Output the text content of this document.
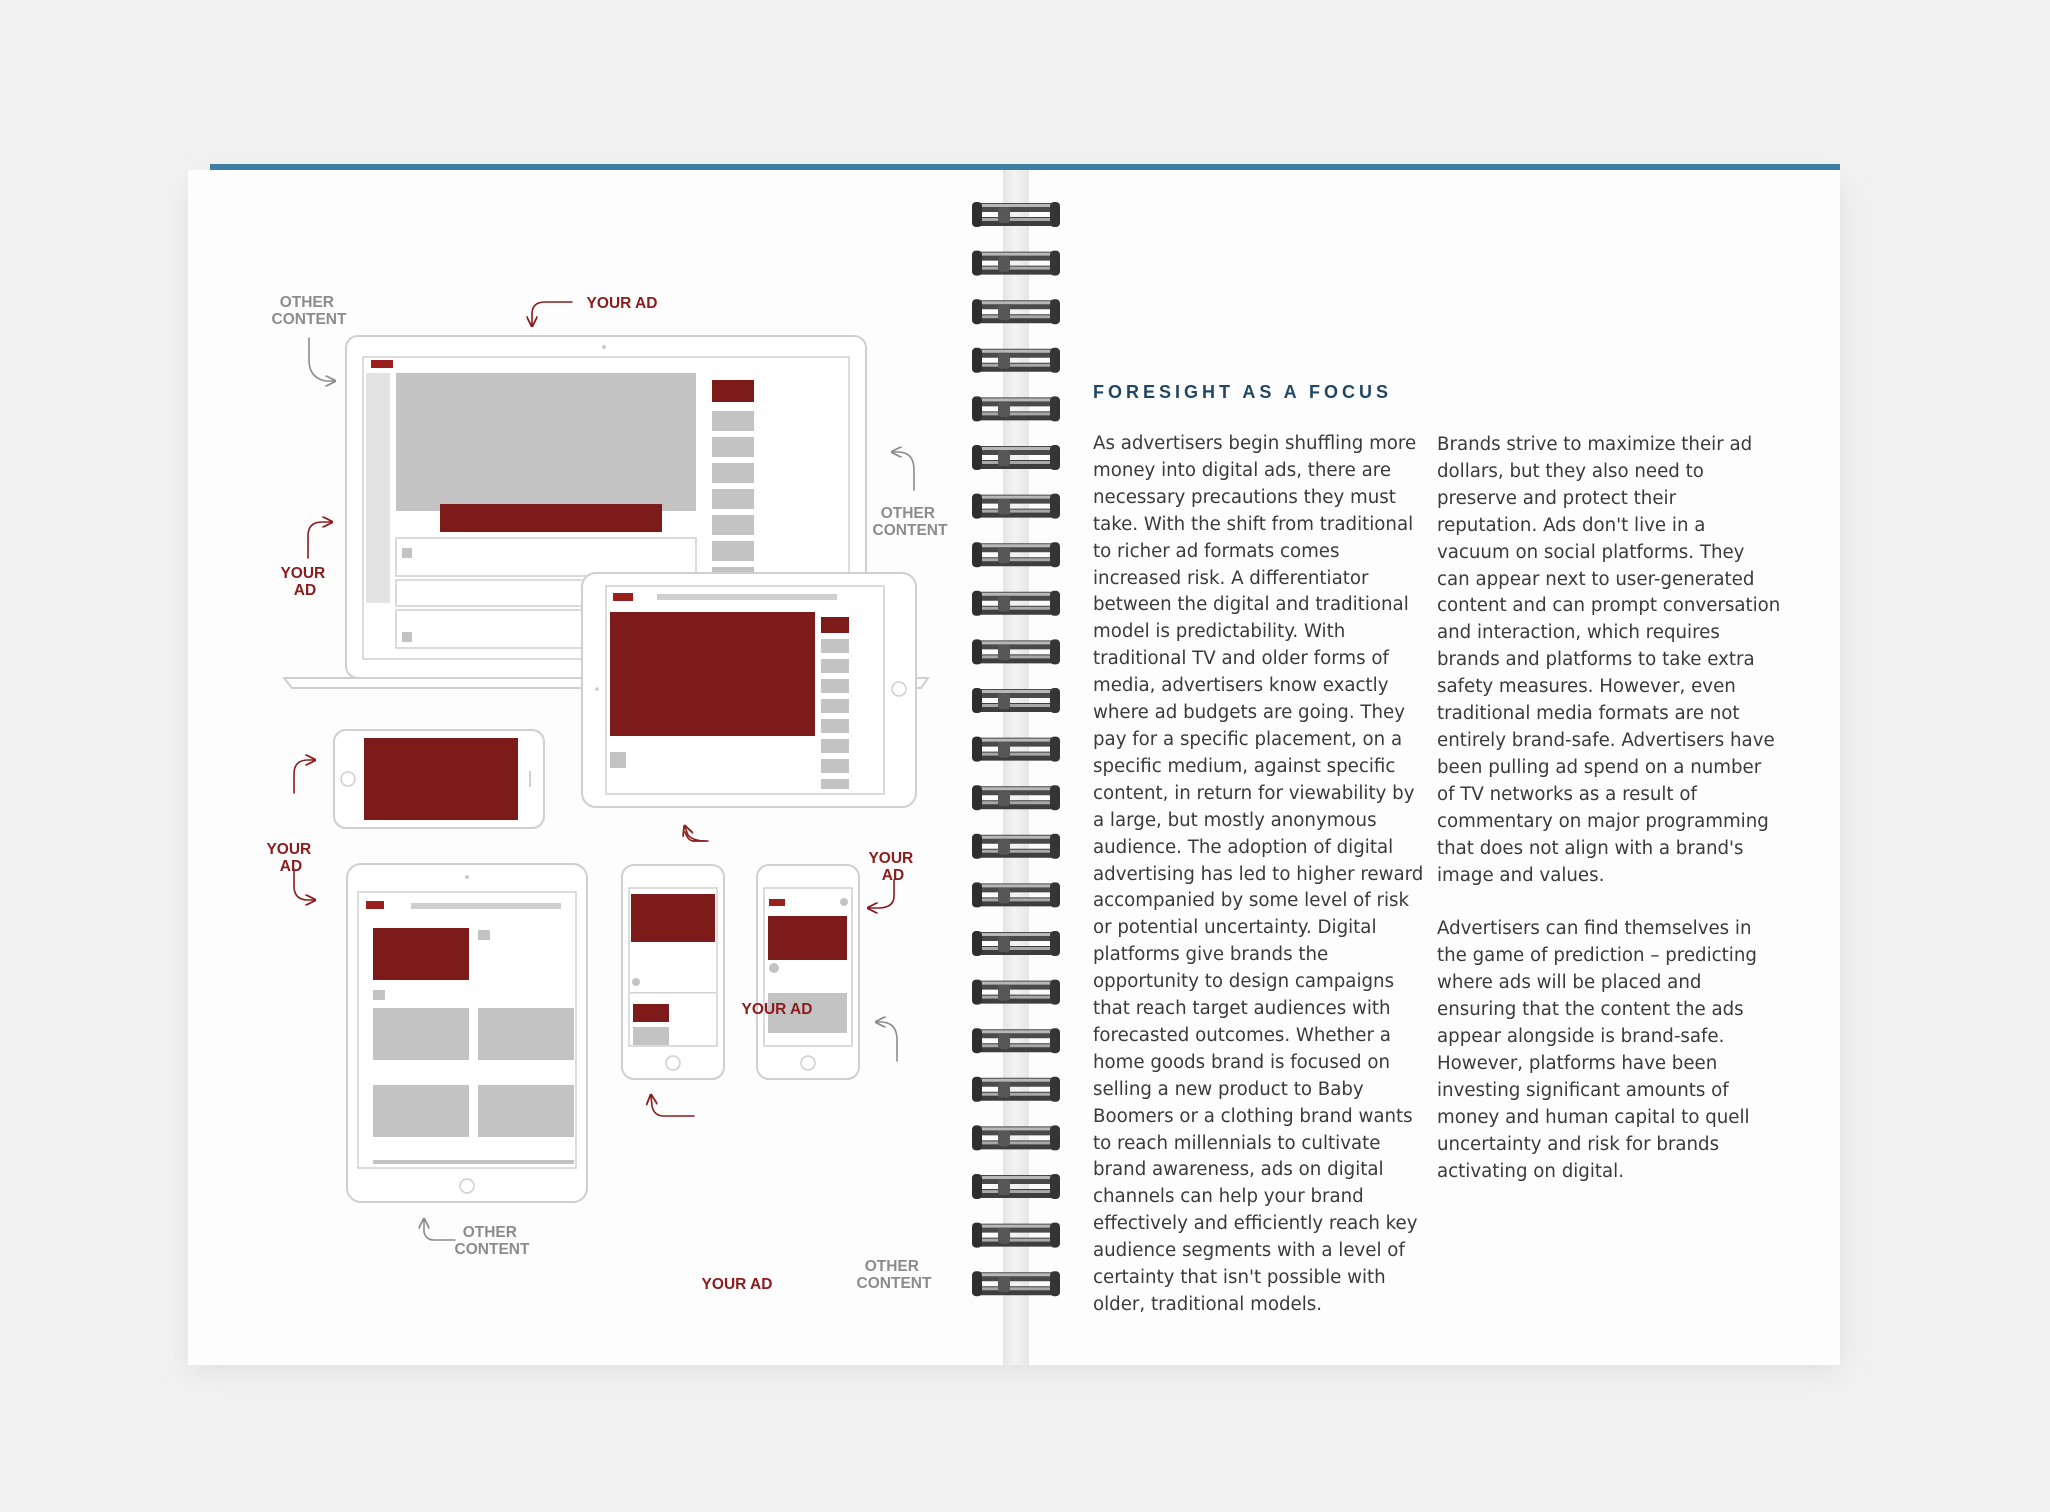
OTHER CONTENT
YOUR AD
OTHER CONTENT
YOUR AD
YOUR AD
YOUR AD
YOUR AD
YOUR AD
OTHER CONTENT
OTHER CONTENT
FORESIGHT AS A FOCUS

As advertisers begin shuffling more money into digital ads, there are necessary precautions they must take. With the shift from traditional to richer ad formats comes increased risk. A differentiator between the digital and traditional model is predictability. With traditional TV and older forms of media, advertisers know exactly where ad budgets are going. They pay for a specific placement, on a specific medium, against specific content, in return for viewability by a large, but mostly anonymous audience. The adoption of digital advertising has led to higher reward accompanied by some level of risk or potential uncertainty. Digital platforms give brands the opportunity to design campaigns that reach target audiences with forecasted outcomes. Whether a home goods brand is focused on selling a new product to Baby Boomers or a clothing brand wants to reach millennials to cultivate brand awareness, ads on digital channels can help your brand effectively and efficiently reach key audience segments with a level of certainty that isn't possible with older, traditional models.

Brands strive to maximize their ad dollars, but they also need to preserve and protect their reputation. Ads don't live in a vacuum on social platforms. They can appear next to user-generated content and can prompt conversation and interaction, which requires brands and platforms to take extra safety measures. However, even traditional media formats are not entirely brand-safe. Advertisers have been pulling ad spend on a number of TV networks as a result of commentary on major programming that does not align with a brand's image and values.

Advertisers can find themselves in the game of prediction – predicting where ads will be placed and ensuring that the content the ads appear alongside is brand-safe. However, platforms have been investing significant amounts of money and human capital to quell uncertainty and risk for brands activating on digital.
